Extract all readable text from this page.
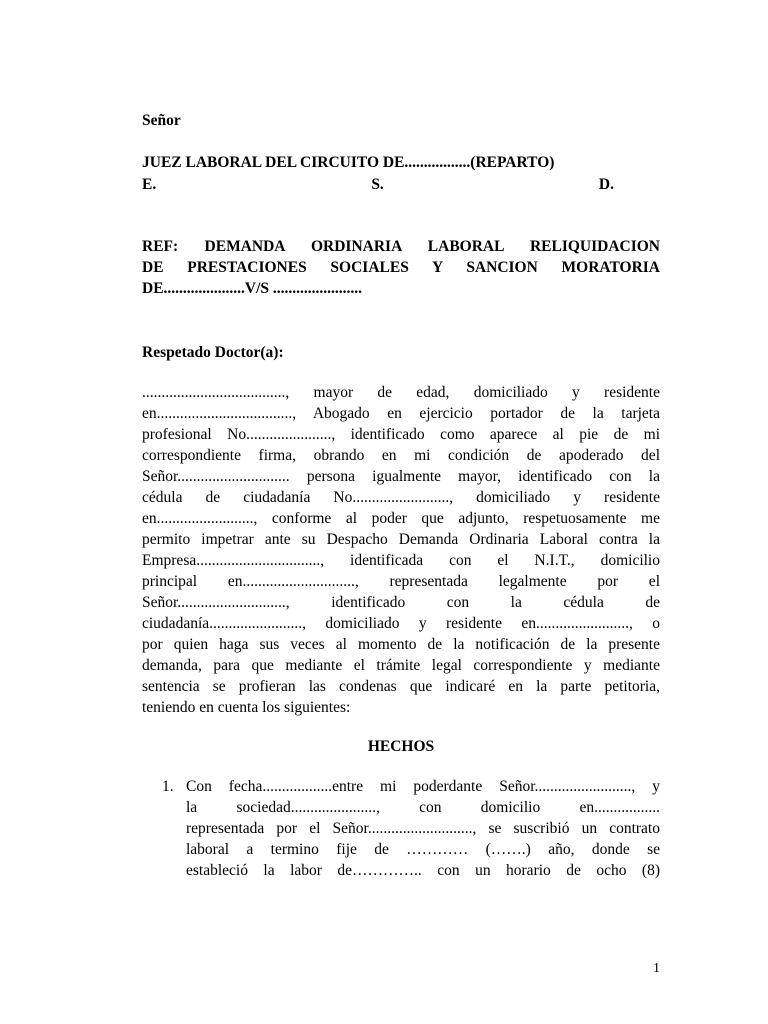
Señor
JUEZ LABORAL DEL CIRCUITO DE.................(REPARTO)
E.	S.	D.
REF: DEMANDA ORDINARIA LABORAL RELIQUIDACION
DE PRESTACIONES SOCIALES Y SANCION MORATORIA
DE.....................V/S .......................
Respetado Doctor(a):
....................................., mayor de edad, domiciliado y residente
en..................................., Abogado en ejercicio portador de la tarjeta
profesional No......................, identificado como aparece al pie de mi
correspondiente firma, obrando en mi condición de apoderado del
Señor............................. persona igualmente mayor, identificado con la
cédula de ciudadanía No........................., domiciliado y residente
en........................., conforme al poder que adjunto, respetuosamente me
permito impetrar ante su Despacho Demanda Ordinaria Laboral contra la
Empresa................................, identificada con el N.I.T., domicilio
principal en............................., representada legalmente por el
Señor............................, identificado con la cédula de
ciudadanía........................, domiciliado y residente en........................, o
por quien haga sus veces al momento de la notificación de la presente
demanda, para que mediante el trámite legal correspondiente y mediante
sentencia se profieran las condenas que indicaré en la parte petitoria,
teniendo en cuenta los siguientes:
HECHOS
1. Con fecha..................entre mi poderdante Señor........................., y
la sociedad......................, con domicilio en.................
representada por el Señor..........................., se suscribió un contrato
laboral a termino fije de ………… (…….) año, donde se
estableció la labor de………….. con un horario de ocho (8)
1
